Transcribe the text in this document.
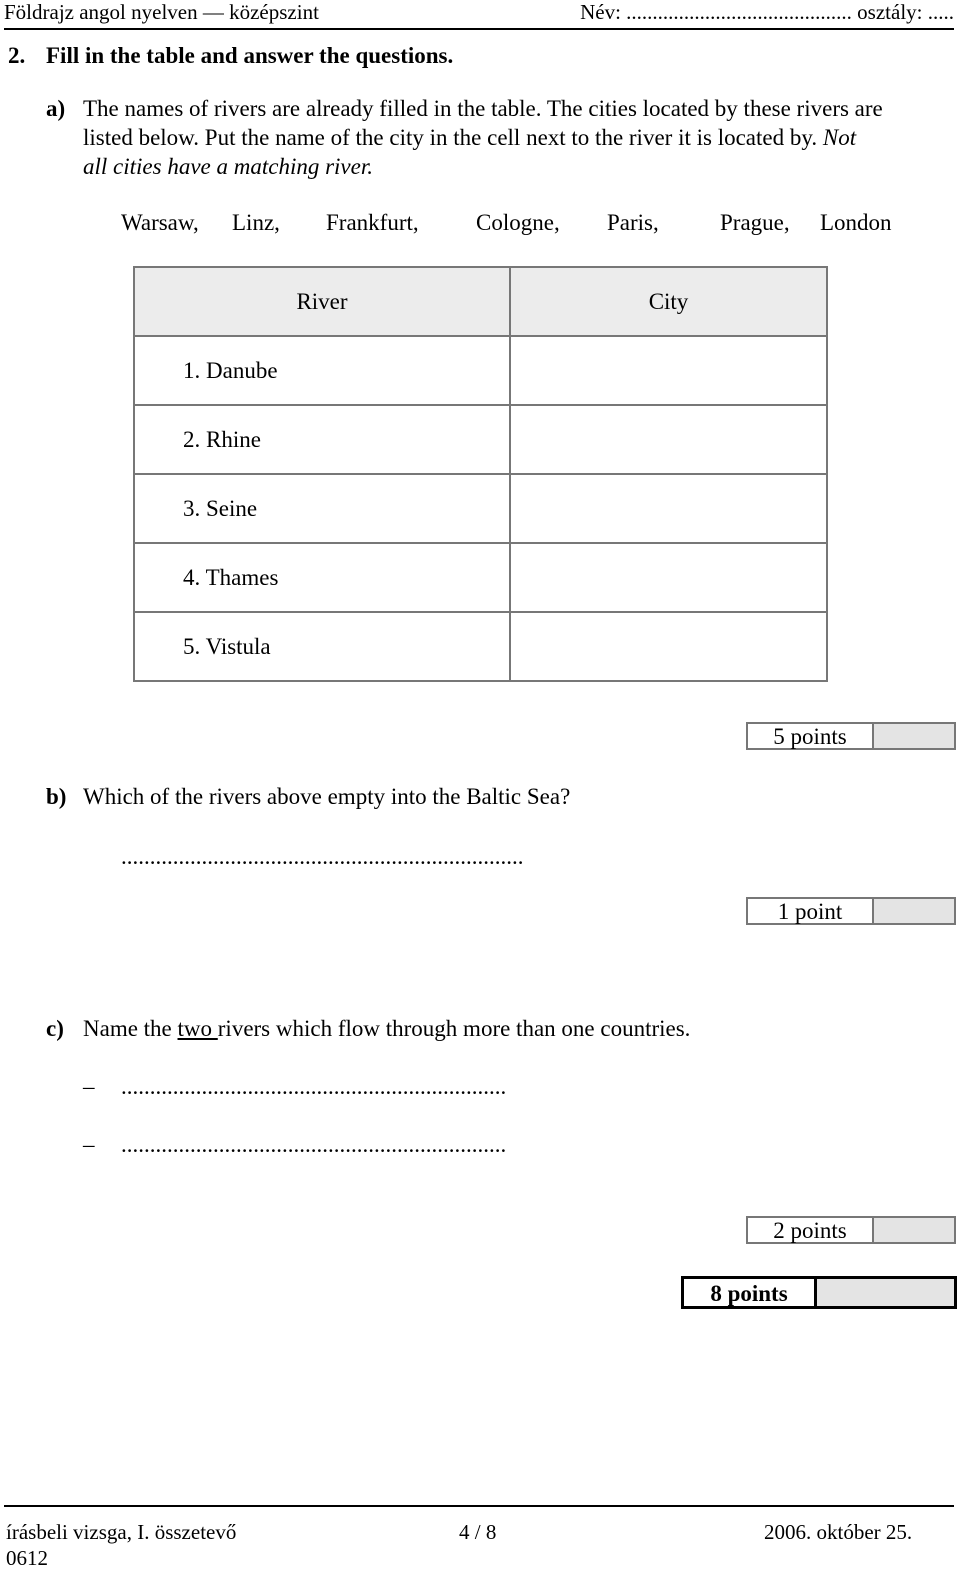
Földrajz angol nyelven — középszint	Név: ........................................... osztály: .....
2. Fill in the table and answer the questions.
a) The names of rivers are already filled in the table. The cities located by these rivers are
listed below. Put the name of the city in the cell next to the river it is located by. Not
all cities have a matching river.
Warsaw, Linz, Frankfurt, Cologne, Paris,	Prague, London
River	City
1. Danube	
2. Rhine	
3. Seine	
4. Thames	
5. Vistula	
5 points
b) Which of the rivers above empty into the Baltic Sea?
......................................................................
1 point
c) Name the two rivers which flow through more than one countries.
– ...................................................................
– ...................................................................
2 points
8 points
írásbeli vizsga, I. összetevő
0612
4 / 8	2006. október 25.
